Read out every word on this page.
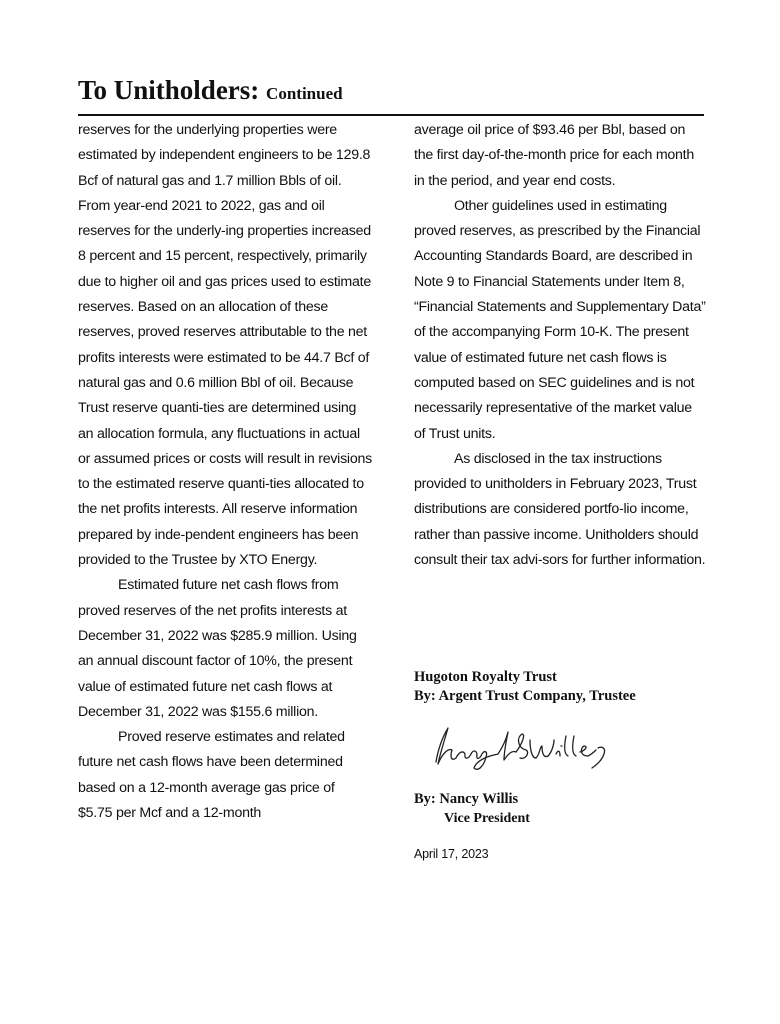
To Unitholders: Continued

reserves for the underlying properties were estimated by independent engineers to be 129.8 Bcf of natural gas and 1.7 million Bbls of oil. From year-end 2021 to 2022, gas and oil reserves for the underly-ing properties increased 8 percent and 15 percent, respectively, primarily due to higher oil and gas prices used to estimate reserves. Based on an allocation of these reserves, proved reserves attributable to the net profits interests were estimated to be 44.7 Bcf of natural gas and 0.6 million Bbl of oil. Because Trust reserve quanti-ties are determined using an allocation formula, any fluctuations in actual or assumed prices or costs will result in revisions to the estimated reserve quanti-ties allocated to the net profits interests. All reserve information prepared by inde-pendent engineers has been provided to the Trustee by XTO Energy.

Estimated future net cash flows from proved reserves of the net profits interests at December 31, 2022 was $285.9 million. Using an annual discount factor of 10%, the present value of estimated future net cash flows at December 31, 2022 was $155.6 million.

Proved reserve estimates and related future net cash flows have been determined based on a 12-month average gas price of $5.75 per Mcf and a 12-month

average oil price of $93.46 per Bbl, based on the first day-of-the-month price for each month in the period, and year end costs.

Other guidelines used in estimating proved reserves, as prescribed by the Financial Accounting Standards Board, are described in Note 9 to Financial Statements under Item 8, “Financial Statements and Supplementary Data” of the accompanying Form 10-K. The present value of estimated future net cash flows is computed based on SEC guidelines and is not necessarily representative of the market value of Trust units.

As disclosed in the tax instructions provided to unitholders in February 2023, Trust distributions are considered portfo-lio income, rather than passive income. Unitholders should consult their tax advi-sors for further information.

Hugoton Royalty Trust
By: Argent Trust Company, Trustee
By: Nancy Willis
Vice President
April 17, 2023
